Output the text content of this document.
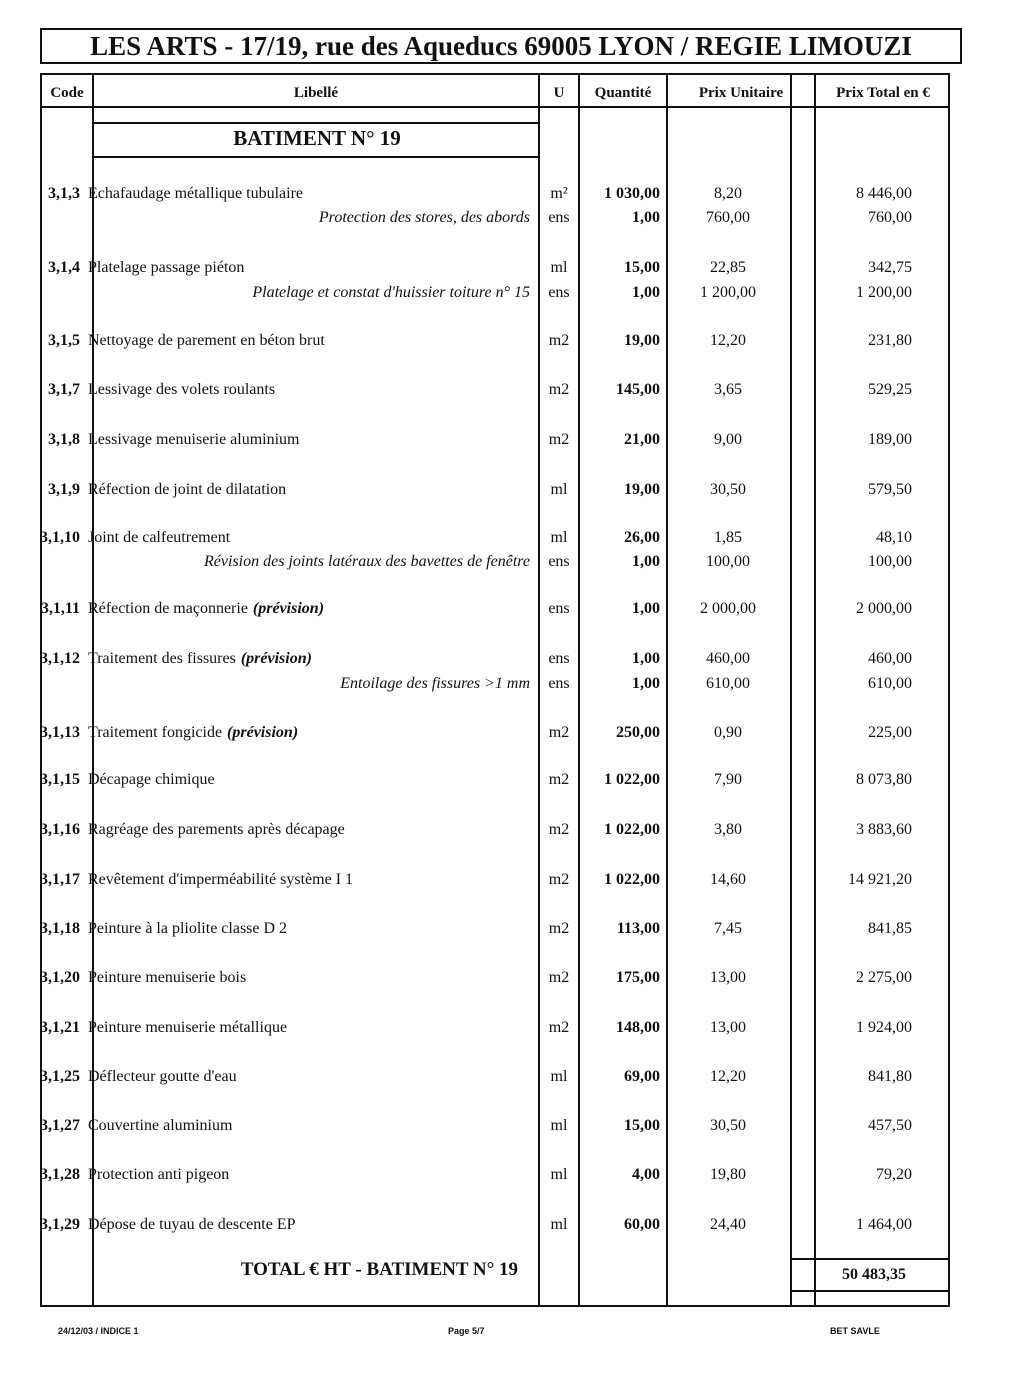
LES ARTS - 17/19, rue des Aqueducs 69005 LYON / REGIE LIMOUZI
Code	Libellé	U	Quantité	Prix Unitaire	Prix Total en €
BATIMENT N° 19
3,1,3 Echafaudage métallique tubulaire	m²	1 030,00	8,20	8 446,00
Protection des stores, des abords	ens	1,00	760,00	760,00
3,1,4 Platelage passage piéton	ml	15,00	22,85	342,75
Platelage et constat d'huissier toiture n° 15	ens	1,00	1 200,00	1 200,00
3,1,5 Nettoyage de parement en béton brut	m2	19,00	12,20	231,80
3,1,7 Lessivage des volets roulants	m2	145,00	3,65	529,25
3,1,8 Lessivage menuiserie aluminium	m2	21,00	9,00	189,00
3,1,9 Réfection de joint de dilatation	ml	19,00	30,50	579,50
3,1,10 Joint de calfeutrement	ml	26,00	1,85	48,10
Révision des joints latéraux des bavettes de fenêtre	ens	1,00	100,00	100,00
3,1,11 Réfection de maçonnerie (prévision)	ens	1,00	2 000,00	2 000,00
3,1,12 Traitement des fissures (prévision)	ens	1,00	460,00	460,00
Entoilage des fissures >1 mm	ens	1,00	610,00	610,00
3,1,13 Traitement fongicide (prévision)	m2	250,00	0,90	225,00
3,1,15 Décapage chimique	m2	1 022,00	7,90	8 073,80
3,1,16 Ragréage des parements après décapage	m2	1 022,00	3,80	3 883,60
3,1,17 Revêtement d'imperméabilité système I 1	m2	1 022,00	14,60	14 921,20
3,1,18 Peinture à la pliolite classe D 2	m2	113,00	7,45	841,85
3,1,20 Peinture menuiserie bois	m2	175,00	13,00	2 275,00
3,1,21 Peinture menuiserie métallique	m2	148,00	13,00	1 924,00
3,1,25 Déflecteur goutte d'eau	ml	69,00	12,20	841,80
3,1,27 Couvertine aluminium	ml	15,00	30,50	457,50
3,1,28 Protection anti pigeon	ml	4,00	19,80	79,20
3,1,29 Dépose de tuyau de descente EP	ml	60,00	24,40	1 464,00
TOTAL € HT - BATIMENT N° 19	50 483,35
24/12/03 / INDICE 1	Page 5/7	BET SAVLE
